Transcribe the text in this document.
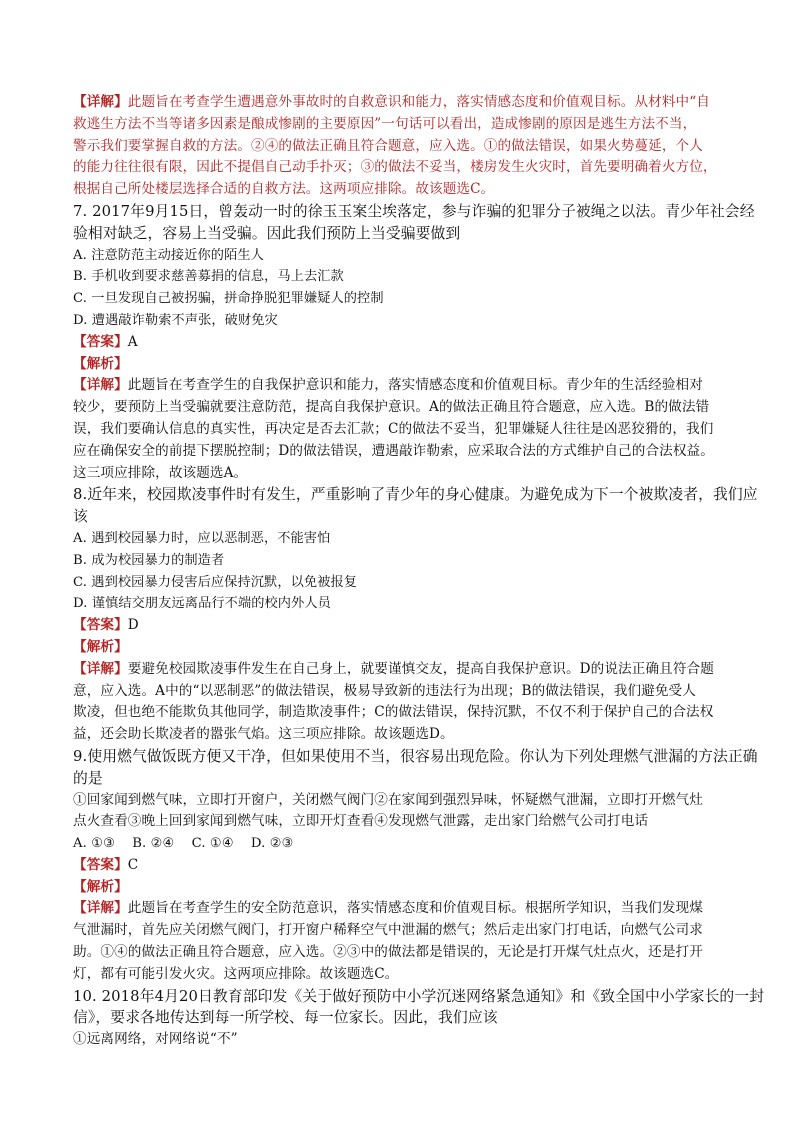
【详解】此题旨在考查学生遭遇意外事故时的自救意识和能力，落实情感态度和价值观目标。从材料中“自
救逃生方法不当等诸多因素是酿成惨剧的主要原因”一句话可以看出，造成惨剧的原因是逃生方法不当，
警示我们要掌握自救的方法。②④的做法正确且符合题意，应入选。①的做法错误，如果火势蔓延，个人
的能力往往很有限，因此不提倡自己动手扑灭；③的做法不妥当，楼房发生火灾时，首先要明确着火方位，
根据自己所处楼层选择合适的自救方法。这两项应排除。故该题选C。
7. 2017年9月15日，曾轰动一时的徐玉玉案尘埃落定，参与诈骗的犯罪分子被绳之以法。青少年社会经
验相对缺乏，容易上当受骗。因此我们预防上当受骗要做到
A. 注意防范主动接近你的陌生人
B. 手机收到要求慈善募捐的信息，马上去汇款
C. 一旦发现自己被拐骗，拼命挣脱犯罪嫌疑人的控制
D. 遭遇敲诈勒索不声张，破财免灾
【答案】A
【解析】
【详解】此题旨在考查学生的自我保护意识和能力，落实情感态度和价值观目标。青少年的生活经验相对
较少，要预防上当受骗就要注意防范，提高自我保护意识。A的做法正确且符合题意，应入选。B的做法错
误，我们要确认信息的真实性，再决定是否去汇款；C的做法不妥当，犯罪嫌疑人往往是凶恶狡猾的，我们
应在确保安全的前提下摆脱控制；D的做法错误，遭遇敲诈勒索，应采取合法的方式维护自己的合法权益。
这三项应排除，故该题选A。
8.近年来，校园欺凌事件时有发生，严重影响了青少年的身心健康。为避免成为下一个被欺凌者，我们应
该
A. 遇到校园暴力时，应以恶制恶，不能害怕
B. 成为校园暴力的制造者
C. 遇到校园暴力侵害后应保持沉默，以免被报复
D. 谨慎结交朋友远离品行不端的校内外人员
【答案】D
【解析】
【详解】要避免校园欺凌事件发生在自己身上，就要谨慎交友，提高自我保护意识。D的说法正确且符合题
意，应入选。A中的“以恶制恶”的做法错误，极易导致新的违法行为出现；B的做法错误，我们避免受人
欺凌，但也绝不能欺负其他同学，制造欺凌事件；C的做法错误，保持沉默，不仅不利于保护自己的合法权
益，还会助长欺凌者的嚣张气焰。这三项应排除。故该题选D。
9.使用燃气做饭既方便又干净，但如果使用不当，很容易出现危险。你认为下列处理燃气泄漏的方法正确
的是
①回家闻到燃气味，立即打开窗户，关闭燃气阀门②在家闻到强烈异味，怀疑燃气泄漏，立即打开燃气灶
点火查看③晚上回到家闻到燃气味，立即开灯查看④发现燃气泄露，走出家门给燃气公司打电话
A. ①③    B. ②④    C. ①④    D. ②③
【答案】C
【解析】
【详解】此题旨在考查学生的安全防范意识，落实情感态度和价值观目标。根据所学知识，当我们发现煤
气泄漏时，首先应关闭燃气阀门，打开窗户稀释空气中泄漏的燃气；然后走出家门打电话，向燃气公司求
助。①④的做法正确且符合题意，应入选。②③中的做法都是错误的，无论是打开煤气灶点火，还是打开
灯，都有可能引发火灾。这两项应排除。故该题选C。
10. 2018年4月20日教育部印发《关于做好预防中小学沉迷网络紧急通知》和《致全国中小学家长的一封
信》，要求各地传达到每一所学校、每一位家长。因此，我们应该
①远离网络，对网络说“不”
